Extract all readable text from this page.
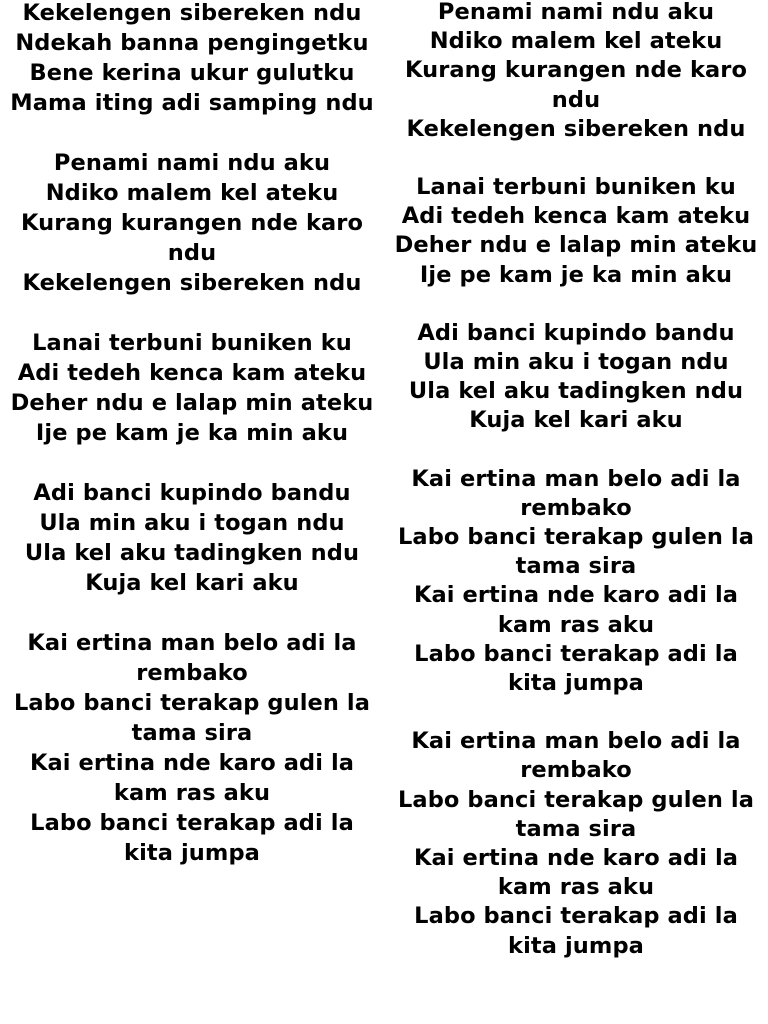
Kekelengen sibereken ndu
Ndekah banna pengingetku
Bene kerina ukur gulutku
Mama iting adi samping ndu
Penami nami ndu aku
Ndiko malem kel ateku
Kurang kurangen nde karo ndu
Kekelengen sibereken ndu
Lanai terbuni buniken ku
Adi tedeh kenca kam ateku
Deher ndu e lalap min ateku
Ije pe kam je ka min aku
Adi banci kupindo bandu
Ula min aku i togan ndu
Ula kel aku tadingken ndu
Kuja kel kari aku
Kai ertina man belo adi la rembako
Labo banci terakap gulen la tama sira
Kai ertina nde karo adi la kam ras aku
Labo banci terakap adi la kita jumpa
Penami nami ndu aku
Ndiko malem kel ateku
Kurang kurangen nde karo ndu
Kekelengen sibereken ndu
Lanai terbuni buniken ku
Adi tedeh kenca kam ateku
Deher ndu e lalap min ateku
Ije pe kam je ka min aku
Adi banci kupindo bandu
Ula min aku i togan ndu
Ula kel aku tadingken ndu
Kuja kel kari aku
Kai ertina man belo adi la rembako
Labo banci terakap gulen la tama sira
Kai ertina nde karo adi la kam ras aku
Labo banci terakap adi la kita jumpa
Kai ertina man belo adi la rembako
Labo banci terakap gulen la tama sira
Kai ertina nde karo adi la kam ras aku
Labo banci terakap adi la kita jumpa
